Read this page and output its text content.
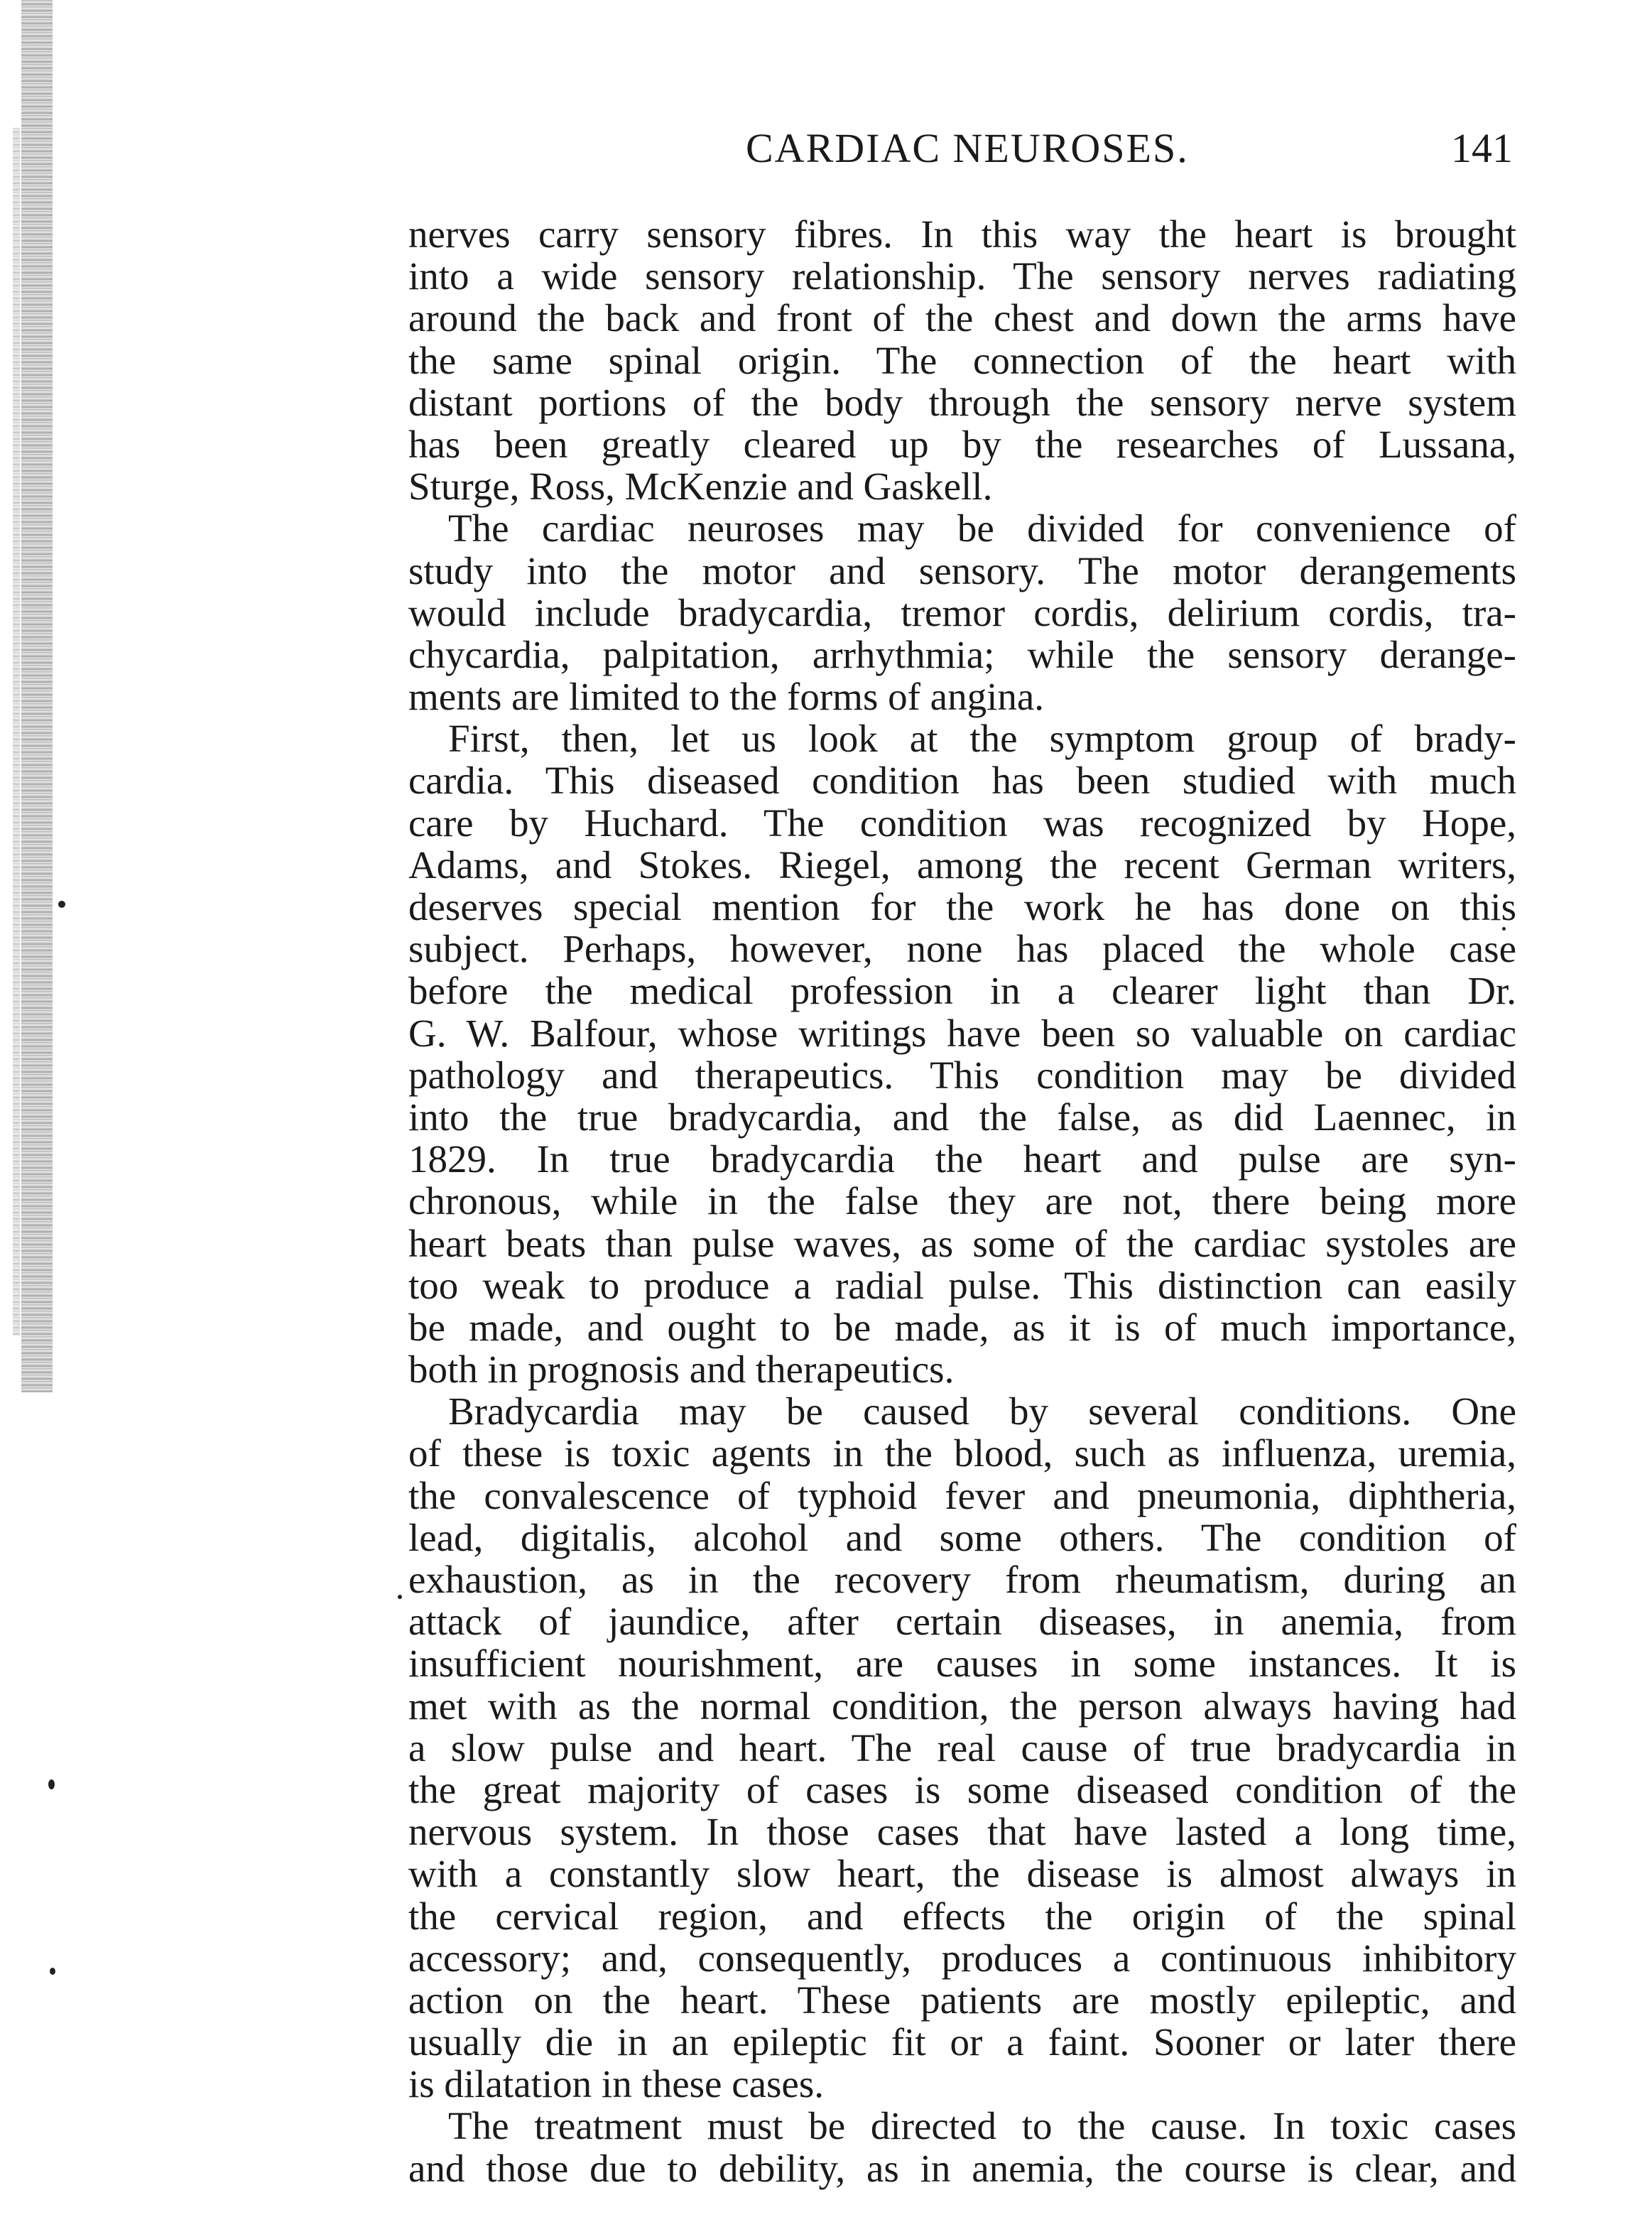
CARDIAC NEUROSES.	141
nerves carry sensory fibres. In this way the heart is brought
into a wide sensory relationship. The sensory nerves radiating
around the back and front of the chest and down the arms have
the same spinal origin. The connection of the heart with
distant portions of the body through the sensory nerve system
has been greatly cleared up by the researches of Lussana,
Sturge, Ross, McKenzie and Gaskell.
The cardiac neuroses may be divided for convenience of
study into the motor and sensory. The motor derangements
would include bradycardia, tremor cordis, delirium cordis, tra-
chycardia, palpitation, arrhythmia; while the sensory derange-
ments are limited to the forms of angina.
First, then, let us look at the symptom group of brady-
cardia. This diseased condition has been studied with much
care by Huchard. The condition was recognized by Hope,
Adams, and Stokes. Riegel, among the recent German writers,
deserves special mention for the work he has done on this
subject. Perhaps, however, none has placed the whole case
before the medical profession in a clearer light than Dr.
G. W. Balfour, whose writings have been so valuable on cardiac
pathology and therapeutics. This condition may be divided
into the true bradycardia, and the false, as did Laennec, in
1829. In true bradycardia the heart and pulse are syn-
chronous, while in the false they are not, there being more
heart beats than pulse waves, as some of the cardiac systoles are
too weak to produce a radial pulse. This distinction can easily
be made, and ought to be made, as it is of much importance,
both in prognosis and therapeutics.
Bradycardia may be caused by several conditions. One
of these is toxic agents in the blood, such as influenza, uremia,
the convalescence of typhoid fever and pneumonia, diphtheria,
lead, digitalis, alcohol and some others. The condition of
exhaustion, as in the recovery from rheumatism, during an
attack of jaundice, after certain diseases, in anemia, from
insufficient nourishment, are causes in some instances. It is
met with as the normal condition, the person always having had
a slow pulse and heart. The real cause of true bradycardia in
the great majority of cases is some diseased condition of the
nervous system. In those cases that have lasted a long time,
with a constantly slow heart, the disease is almost always in
the cervical region, and effects the origin of the spinal
accessory; and, consequently, produces a continuous inhibitory
action on the heart. These patients are mostly epileptic, and
usually die in an epileptic fit or a faint. Sooner or later there
is dilatation in these cases.
The treatment must be directed to the cause. In toxic cases
and those due to debility, as in anemia, the course is clear, and
